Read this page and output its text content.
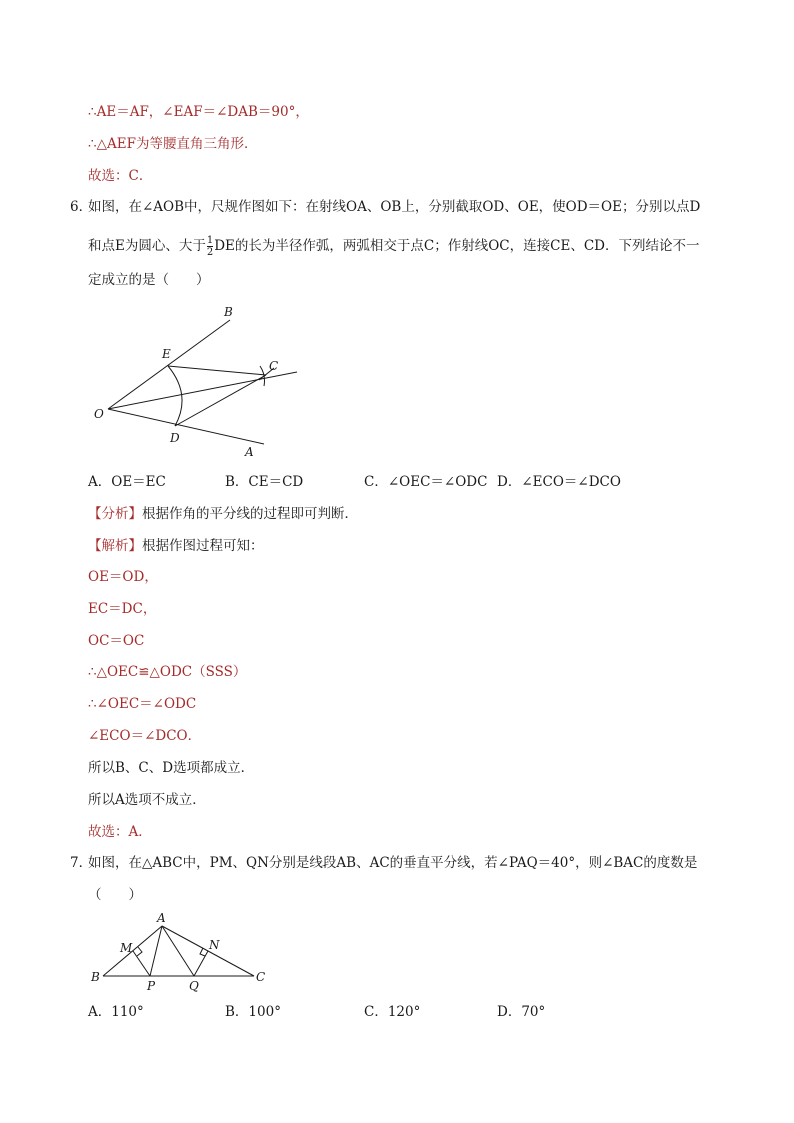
∴AE＝AF，∠EAF＝∠DAB＝90°，
∴△AEF为等腰直角三角形．
故选：C．
6．
如图，在∠AOB中，尺规作图如下：在射线OA、OB上，分别截取OD、OE，使OD＝OE；分别以点D
和点E为圆心、大于 $\frac{1}{2}$ DE的长为半径作弧，两弧相交于点C；作射线OC，连接CE、CD．下列结论不一
定成立的是（　　）
B
E
C
O
D
A
A．OE＝EC	B．CE＝CD	C．∠OEC＝∠ODC D．∠ECO＝∠DCO
【分析】根据作角的平分线的过程即可判断．
【解析】根据作图过程可知：
OE＝OD，
EC＝DC，
OC＝OC
∴△OEC≌△ODC（SSS）
∴∠OEC＝∠ODC
∠ECO＝∠DCO．
所以B、C、D选项都成立．
所以A选项不成立．
故选：A．
7．
如图，在△ABC中，PM、QN分别是线段AB、AC的垂直平分线，若∠PAQ＝40°，则∠BAC的度数是
（　　）
A
M	N
B
P	Q
C
A．110°	B．100°	C．120°	D．70°
